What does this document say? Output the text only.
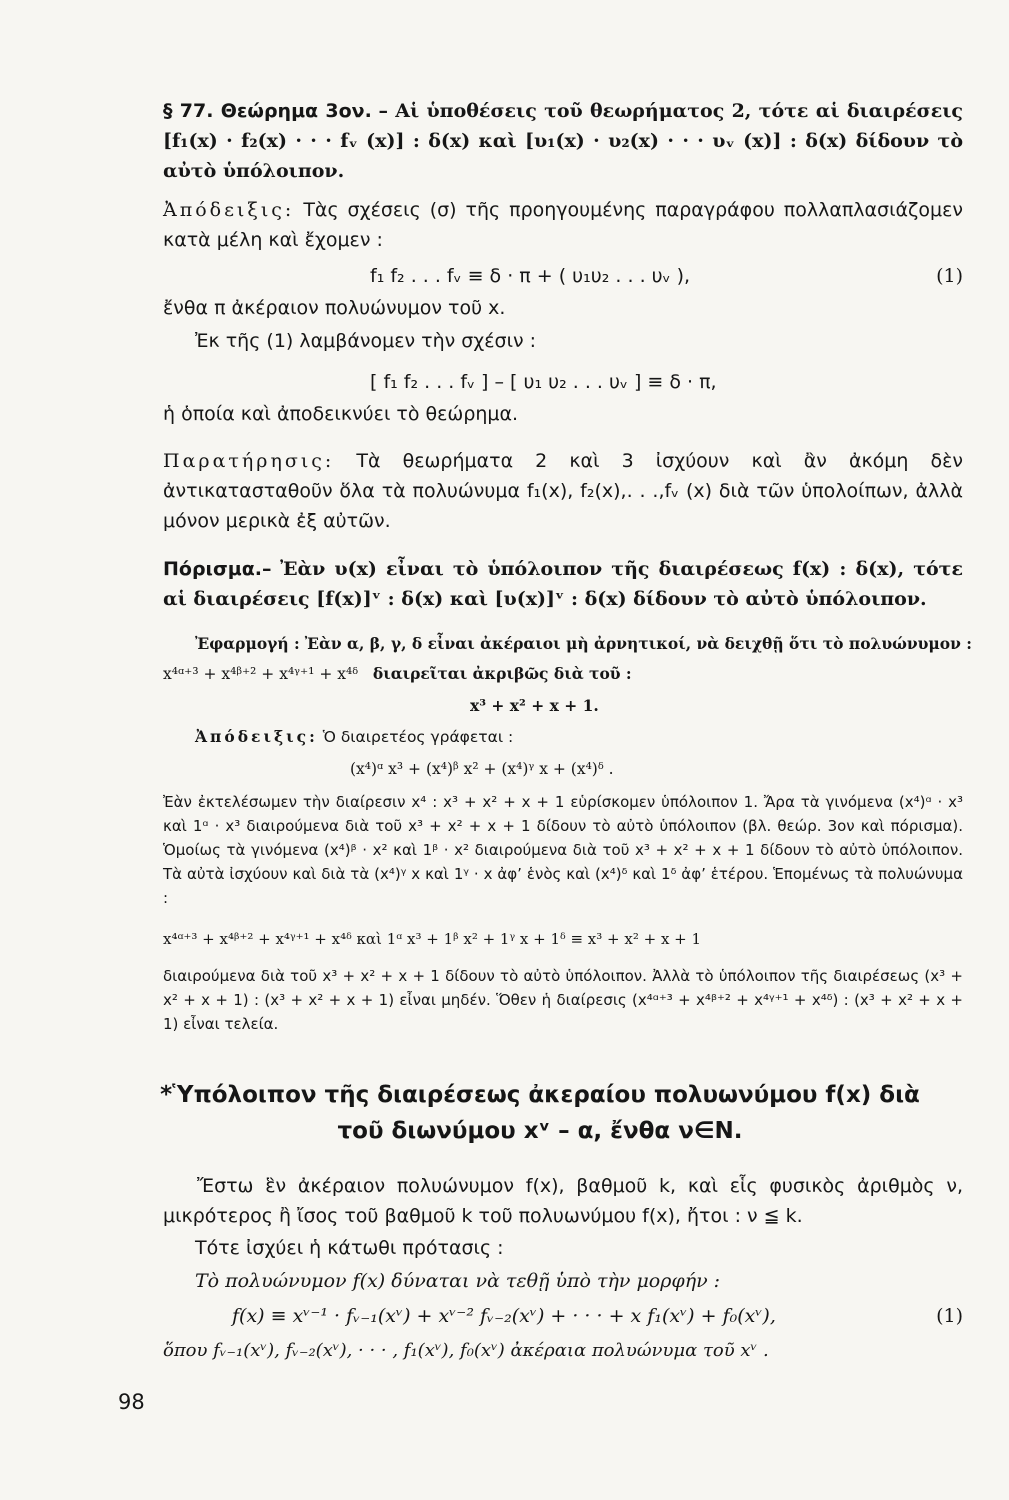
§ 77. Θεώρημα 3ον. – Αἱ ὑποθέσεις τοῦ θεωρήματος 2, τότε αἱ διαιρέσεις [f₁(x) · f₂(x) · · · fᵥ (x)] : δ(x) καὶ [υ₁(x) · υ₂(x) · · · υᵥ (x)] : δ(x) δίδουν τὸ αὐτὸ ὑπόλοιπον.
Ἀπόδειξις: Τὰς σχέσεις (σ) τῆς προηγουμένης παραγράφου πολλαπλασιάζομεν κατὰ μέλη καὶ ἔχομεν :
f₁ f₂ . . . fᵥ ≡ δ · π + ( υ₁υ₂ . . . υᵥ ),	(1)
ἔνθα π ἀκέραιον πολυώνυμον τοῦ x.
Ἐκ τῆς (1) λαμβάνομεν τὴν σχέσιν :
[ f₁ f₂ . . . fᵥ ] – [ υ₁ υ₂ . . . υᵥ ] ≡ δ · π,
ἡ ὁποία καὶ ἀποδεικνύει τὸ θεώρημα.
Παρατήρησις: Τὰ θεωρήματα 2 καὶ 3 ἰσχύουν καὶ ἂν ἀκόμη δὲν ἀντικατασταθοῦν ὅλα τὰ πολυώνυμα f₁(x), f₂(x),. . .,fᵥ (x) διὰ τῶν ὑπολοίπων, ἀλλὰ μόνον μερικὰ ἐξ αὐτῶν.
Πόρισμα.– Ἐὰν υ(x) εἶναι τὸ ὑπόλοιπον τῆς διαιρέσεως f(x) : δ(x), τότε αἱ διαιρέσεις [f(x)]ᵛ : δ(x) καὶ [υ(x)]ᵛ : δ(x) δίδουν τὸ αὐτὸ ὑπόλοιπον.
Ἐφαρμογή : Ἐὰν α, β, γ, δ εἶναι ἀκέραιοι μὴ ἀρνητικοί, νὰ δειχθῇ ὅτι τὸ πολυώνυμον :
x⁴ᵅ⁺³ + x⁴ᵝ⁺² + x⁴ᵞ⁺¹ + x⁴ᵟ διαιρεῖται ἀκριβῶς διὰ τοῦ :
x³ + x² + x + 1.
Ἀπόδειξις: Ὁ διαιρετέος γράφεται :
(x⁴)ᵅ x³ + (x⁴)ᵝ x² + (x⁴)ᵞ x + (x⁴)ᵟ .
Ἐὰν ἐκτελέσωμεν τὴν διαίρεσιν x⁴ : x³ + x² + x + 1 εὑρίσκομεν ὑπόλοιπον 1. Ἄρα τὰ γινόμενα (x⁴)ᵅ · x³ καὶ 1ᵅ · x³ διαιρούμενα διὰ τοῦ x³ + x² + x + 1 δίδουν τὸ αὐτὸ ὑπόλοιπον (βλ. θεώρ. 3ον καὶ πόρισμα). Ὁμοίως τὰ γινόμενα (x⁴)ᵝ · x² καὶ 1ᵝ · x² διαιρούμενα διὰ τοῦ x³ + x² + x + 1 δίδουν τὸ αὐτὸ ὑπόλοιπον. Τὰ αὐτὰ ἰσχύουν καὶ διὰ τὰ (x⁴)ᵞ x καὶ 1ᵞ · x ἀφ’ ἑνὸς καὶ (x⁴)ᵟ καὶ 1ᵟ ἀφ’ ἑτέρου. Ἑπομένως τὰ πολυώνυμα :
x⁴ᵅ⁺³ + x⁴ᵝ⁺² + x⁴ᵞ⁺¹ + x⁴ᵟ καὶ 1ᵅ x³ + 1ᵝ x² + 1ᵞ x + 1ᵟ ≡ x³ + x² + x + 1
διαιρούμενα διὰ τοῦ x³ + x² + x + 1 δίδουν τὸ αὐτὸ ὑπόλοιπον. Ἀλλὰ τὸ ὑπόλοιπον τῆς διαιρέσεως (x³ + x² + x + 1) : (x³ + x² + x + 1) εἶναι μηδέν. Ὅθεν ἡ διαίρεσις (x⁴ᵅ⁺³ + x⁴ᵝ⁺² + x⁴ᵞ⁺¹ + x⁴ᵟ) : (x³ + x² + x + 1) εἶναι τελεία.
*Ὑπόλοιπον τῆς διαιρέσεως ἀκεραίου πολυωνύμου f(x) διὰ
τοῦ διωνύμου xᵛ – α, ἔνθα ν∈N.
Ἔστω ἓν ἀκέραιον πολυώνυμον f(x), βαθμοῦ k, καὶ εἷς φυσικὸς ἀριθμὸς ν, μικρότερος ἢ ἴσος τοῦ βαθμοῦ k τοῦ πολυωνύμου f(x), ἤτοι : ν ≦ k.
Τότε ἰσχύει ἡ κάτωθι πρότασις :
Τὸ πολυώνυμον f(x) δύναται νὰ τεθῇ ὑπὸ τὴν μορφήν :
f(x) ≡ xᵛ⁻¹ · fᵥ₋₁(xᵛ) + xᵛ⁻² fᵥ₋₂(xᵛ) + · · · + x f₁(xᵛ) + f₀(xᵛ),	(1)
ὅπου fᵥ₋₁(xᵛ), fᵥ₋₂(xᵛ), · · · , f₁(xᵛ), f₀(xᵛ) ἀκέραια πολυώνυμα τοῦ xᵛ .
98
